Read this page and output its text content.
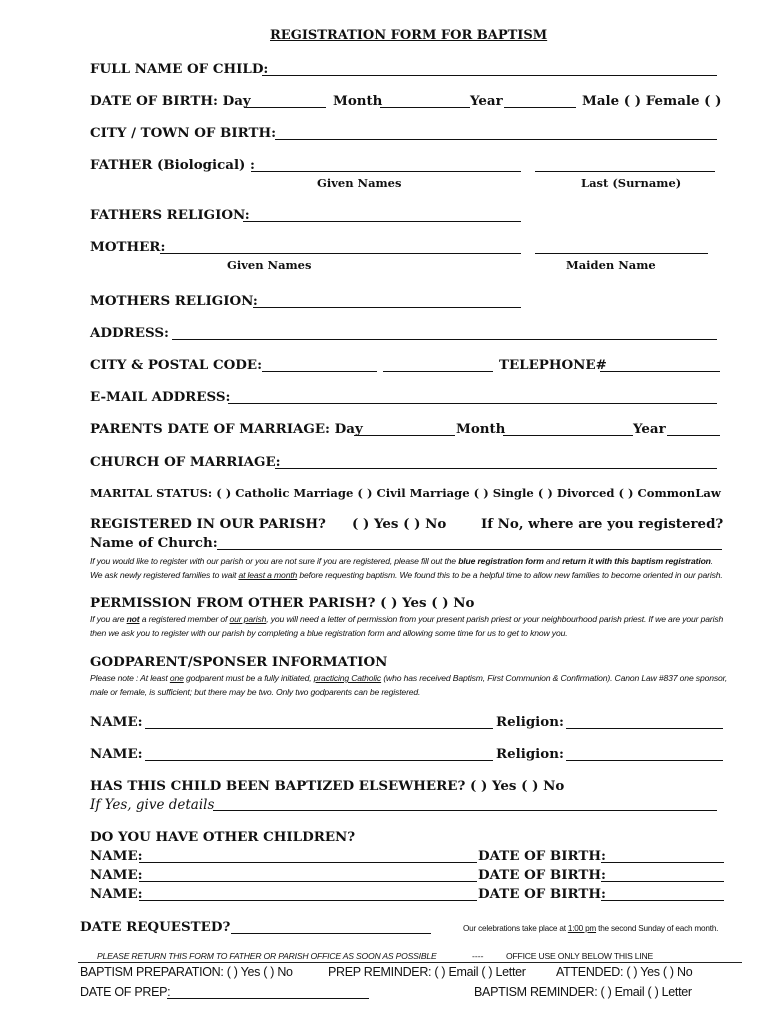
REGISTRATION FORM FOR BAPTISM
FULL NAME OF CHILD:
DATE OF BIRTH: Day	Month	Year	Male ( ) Female ( )
CITY / TOWN OF BIRTH:
FATHER (Biological) :
Given Names	Last (Surname)
FATHERS RELIGION:
MOTHER:
Given Names	Maiden Name
MOTHERS RELIGION:
ADDRESS:
CITY & POSTAL CODE:	TELEPHONE#
E-MAIL ADDRESS:
PARENTS DATE OF MARRIAGE: Day	Month	Year
CHURCH OF MARRIAGE:
MARITAL STATUS: ( ) Catholic Marriage ( ) Civil Marriage ( ) Single ( ) Divorced ( ) CommonLaw
REGISTERED IN OUR PARISH? ( ) Yes ( ) No	If No, where are you registered?
Name of Church:
If you would like to register with our parish or you are not sure if you are registered, please fill out the blue registration form and return it with this baptism registration.
We ask newly registered families to wait at least a month before requesting baptism. We found this to be a helpful time to allow new families to become oriented in our parish.
PERMISSION FROM OTHER PARISH? ( ) Yes ( ) No
If you are not a registered member of our parish, you will need a letter of permission from your present parish priest or your neighbourhood parish priest. If we are your parish
then we ask you to register with our parish by completing a blue registration form and allowing some time for us to get to know you.
GODPARENT/SPONSER INFORMATION
Please note : At least one godparent must be a fully initiated, practicing Catholic (who has received Baptism, First Communion & Confirmation). Canon Law #837 one sponsor,
male or female, is sufficient; but there may be two. Only two godparents can be registered.
NAME:	Religion:
NAME:	Religion:
HAS THIS CHILD BEEN BAPTIZED ELSEWHERE? ( ) Yes ( ) No
If Yes, give details
DO YOU HAVE OTHER CHILDREN?
NAME:	DATE OF BIRTH:
NAME:	DATE OF BIRTH:
NAME:	DATE OF BIRTH:
DATE REQUESTED?	Our celebrations take place at 1:00 pm the second Sunday of each month.
PLEASE RETURN THIS FORM TO FATHER OR PARISH OFFICE AS SOON AS POSSIBLE	----	OFFICE USE ONLY BELOW THIS LINE
BAPTISM PREPARATION: ( ) Yes ( ) No	PREP REMINDER: ( ) Email ( ) Letter ATTENDED: ( ) Yes ( ) No
DATE OF PREP:	BAPTISM REMINDER: ( ) Email ( ) Letter
